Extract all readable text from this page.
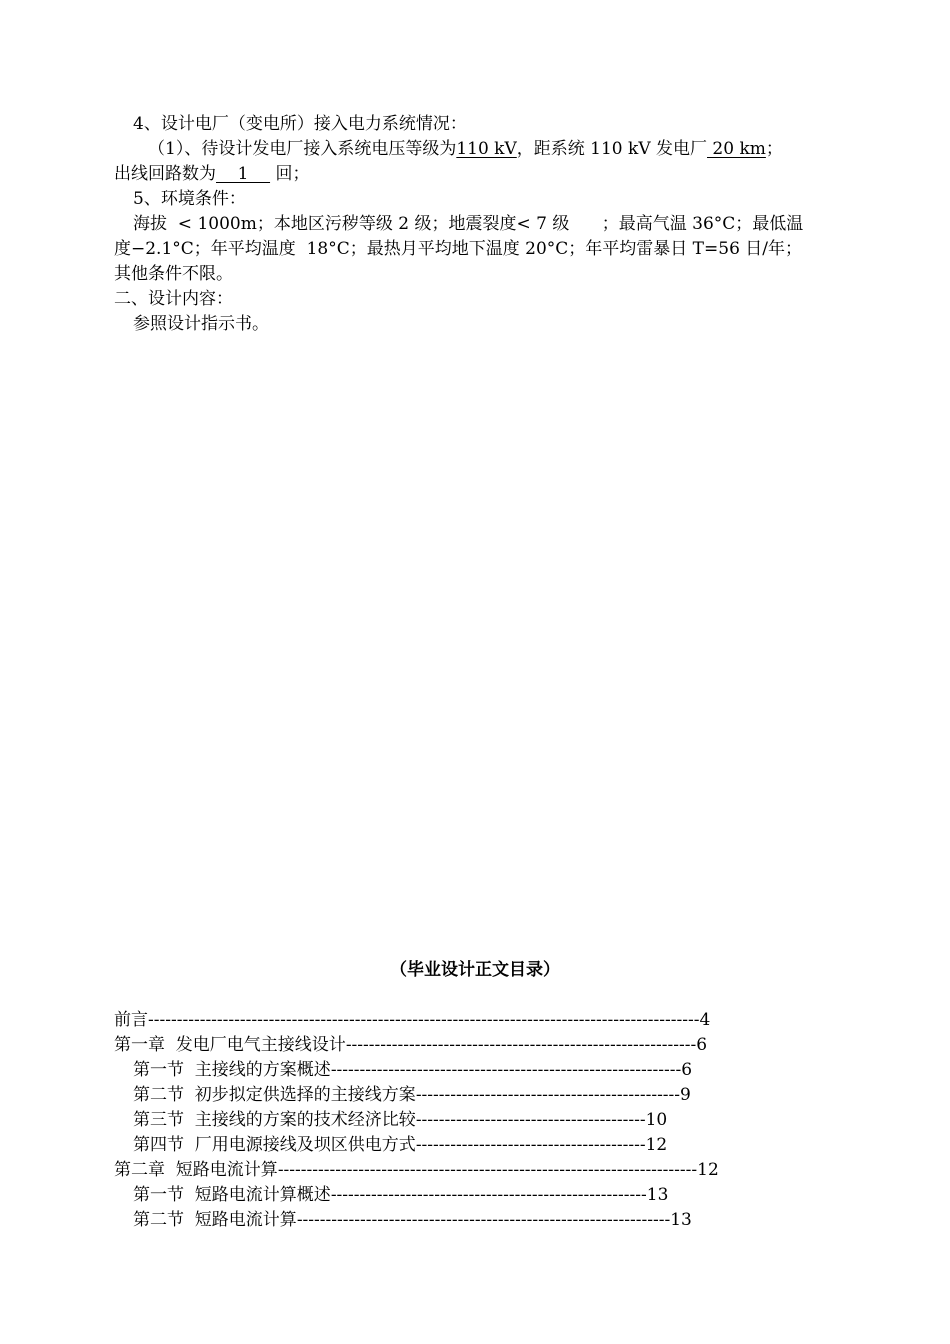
4、设计电厂（变电所）接入电力系统情况：
（1）、待设计发电厂接入系统电压等级为110 kV，距系统 110 kV 发电厂 20 km；
出线回路数为    1     回；
5、环境条件：
海拔  < 1000m；本地区污秽等级 2 级；地震裂度< 7 级      ；最高气温 36°C；最低温
度−2.1°C；年平均温度  18°C；最热月平均地下温度 20°C；年平均雷暴日 T=56 日/年；
其他条件不限。
二、设计内容：
参照设计指示书。
（毕业设计正文目录）
前言------------------------------------------------------------------------------------------------4
第一章  发电厂电气主接线设计-------------------------------------------------------------6
第一节  主接线的方案概述-------------------------------------------------------------6
第二节  初步拟定供选择的主接线方案----------------------------------------------9
第三节  主接线的方案的技术经济比较----------------------------------------10
第四节  厂用电源接线及坝区供电方式----------------------------------------12
第二章  短路电流计算-------------------------------------------------------------------------12
第一节  短路电流计算概述-------------------------------------------------------13
第二节  短路电流计算-----------------------------------------------------------------13
